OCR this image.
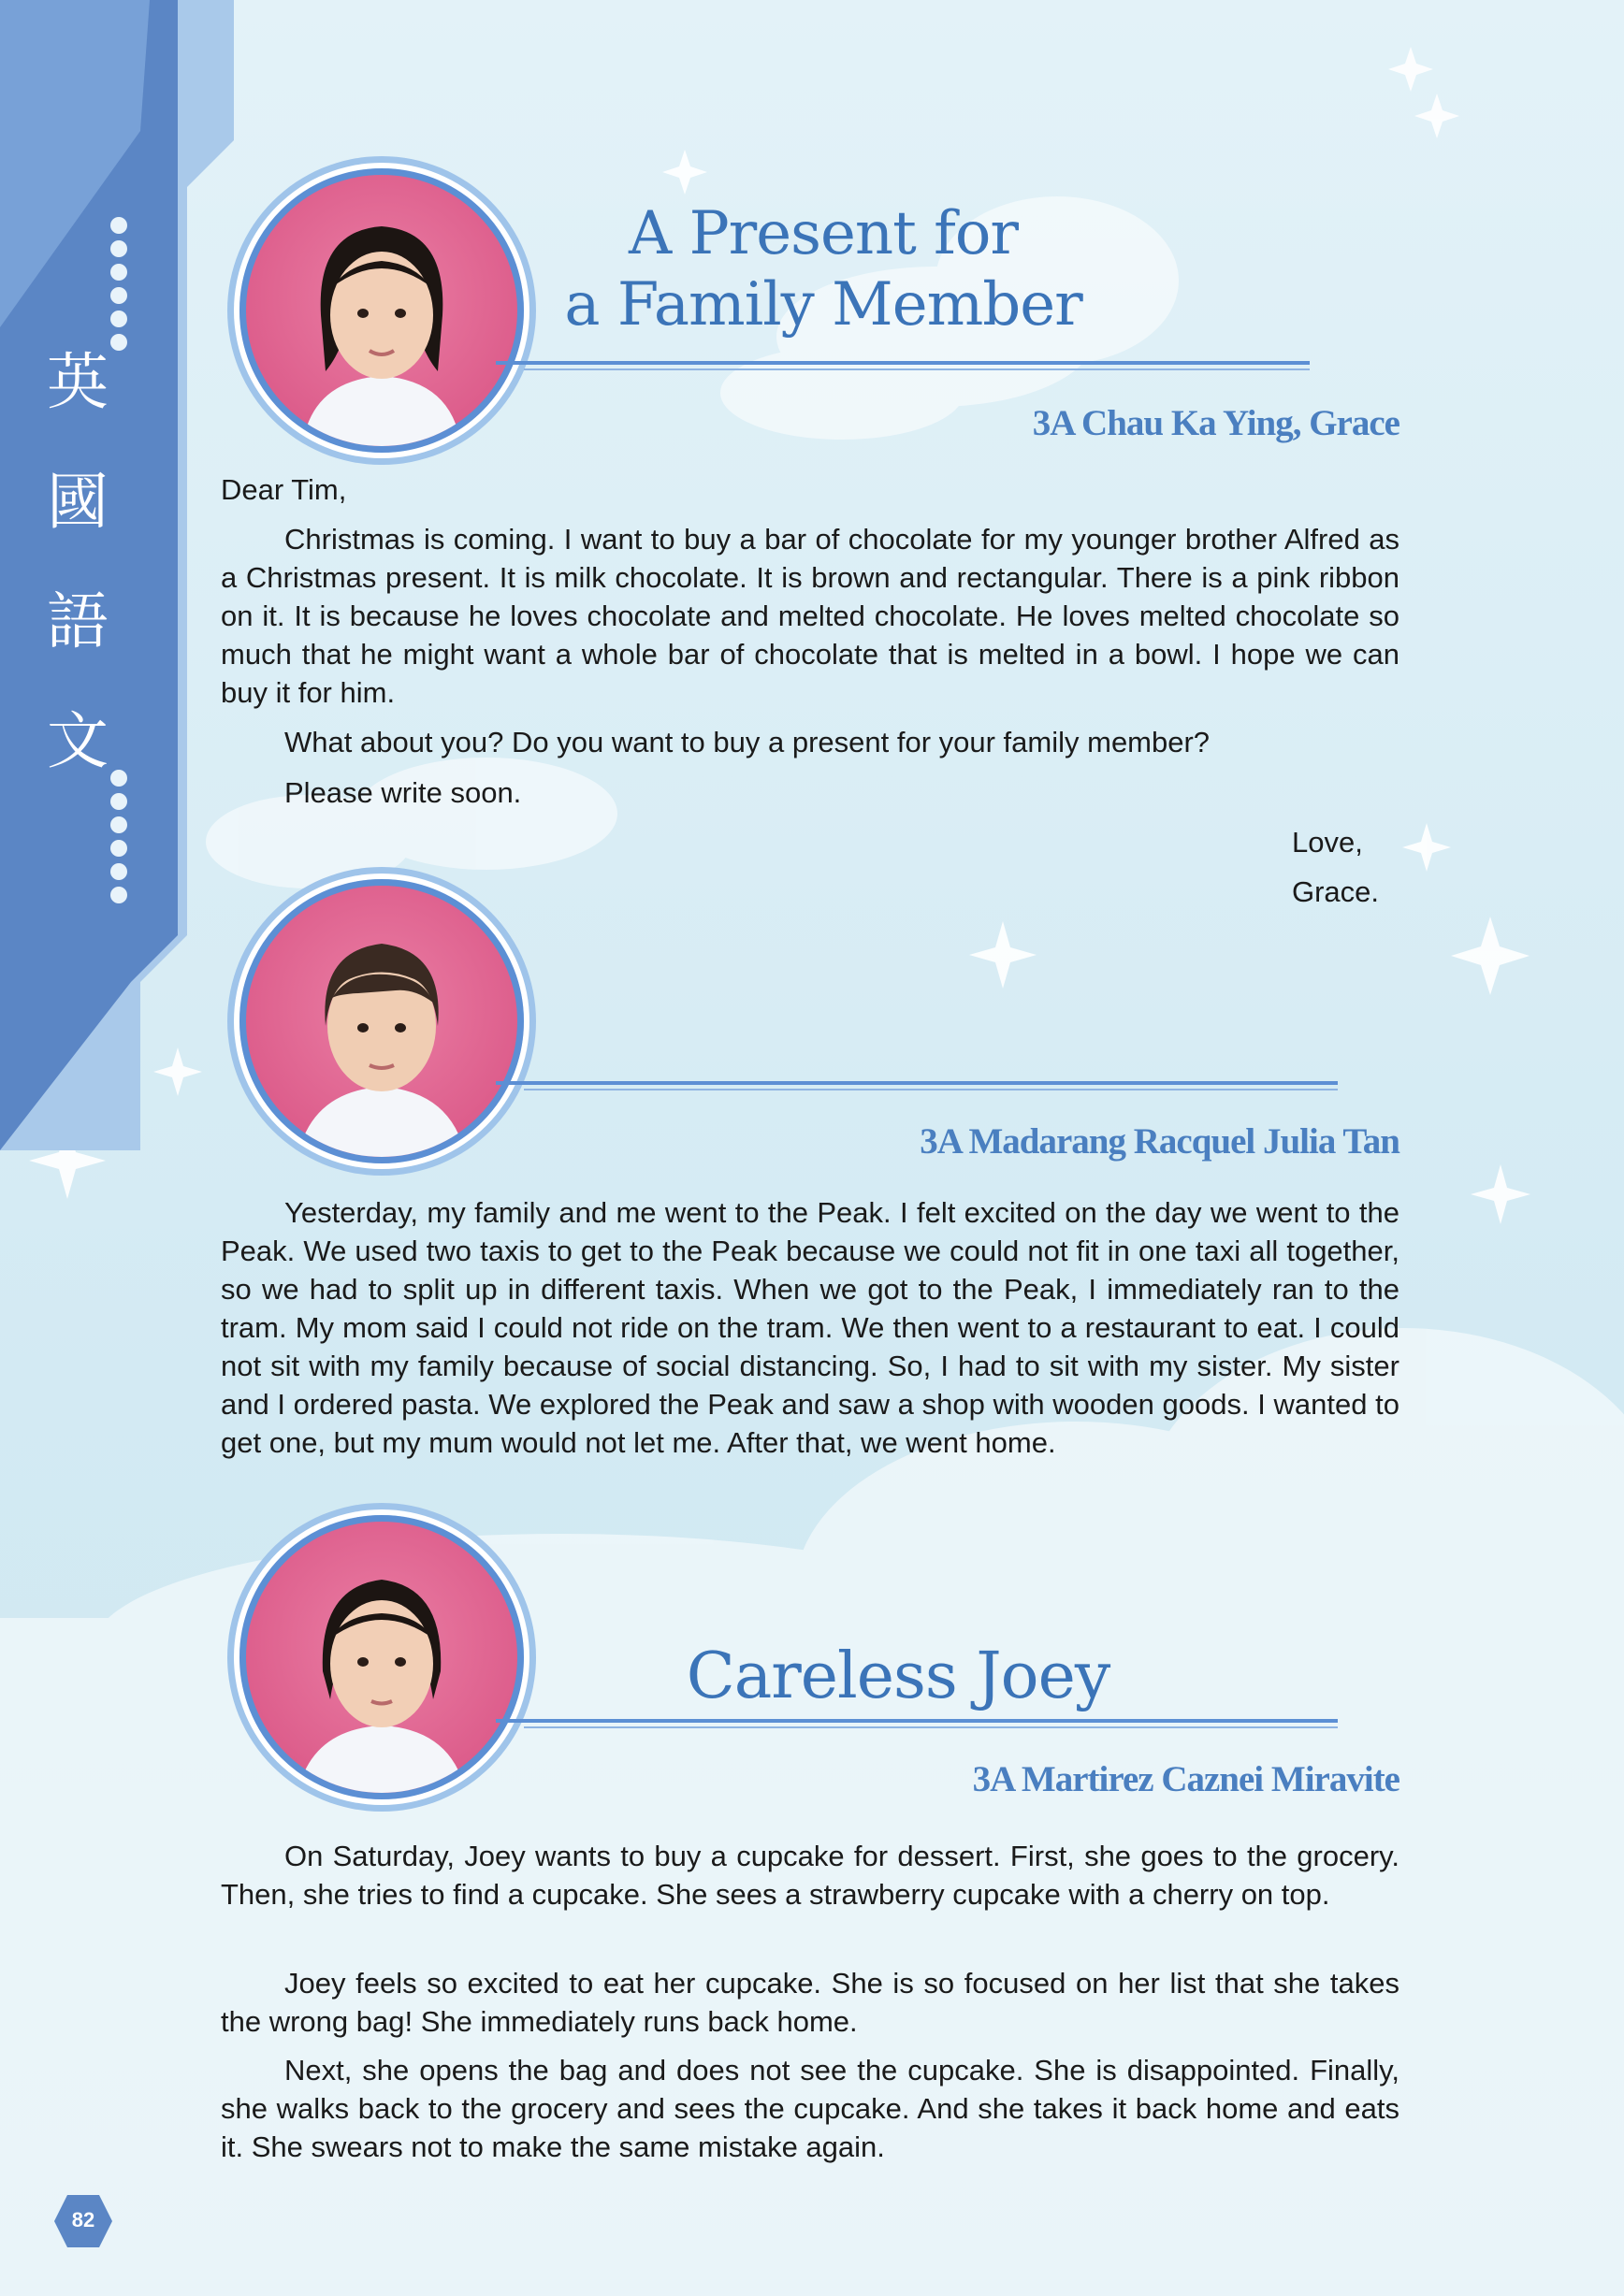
英
國
語
文
A Present for
a Family Member
3A Chau Ka Ying, Grace

Dear Tim,

Christmas is coming. I want to buy a bar of chocolate for my younger brother Alfred as a Christmas present. It is milk chocolate. It is brown and rectangular. There is a pink ribbon on it. It is because he loves chocolate and melted chocolate. He loves melted chocolate so much that he might want a whole bar of chocolate that is melted in a bowl. I hope we can buy it for him.

What about you? Do you want to buy a present for your family member?

Please write soon.

Love,

Grace.

3A Madarang Racquel Julia Tan

Yesterday, my family and me went to the Peak. I felt excited on the day we went to the Peak. We used two taxis to get to the Peak because we could not fit in one taxi all together, so we had to split up in different taxis. When we got to the Peak, I immediately ran to the tram. My mom said I could not ride on the tram. We then went to a restaurant to eat. I could not sit with my family because of social distancing. So, I had to sit with my sister. My sister and I ordered pasta. We explored the Peak and saw a shop with wooden goods. I wanted to get one, but my mum would not let me. After that, we went home.

Careless Joey
3A Martirez Caznei Miravite

On Saturday, Joey wants to buy a cupcake for dessert. First, she goes to the grocery. Then, she tries to find a cupcake. She sees a strawberry cupcake with a cherry on top.

Joey feels so excited to eat her cupcake. She is so focused on her list that she takes the wrong bag! She immediately runs back home.

Next, she opens the bag and does not see the cupcake. She is disappointed. Finally, she walks back to the grocery and sees the cupcake. And she takes it back home and eats it. She swears not to make the same mistake again.

82
